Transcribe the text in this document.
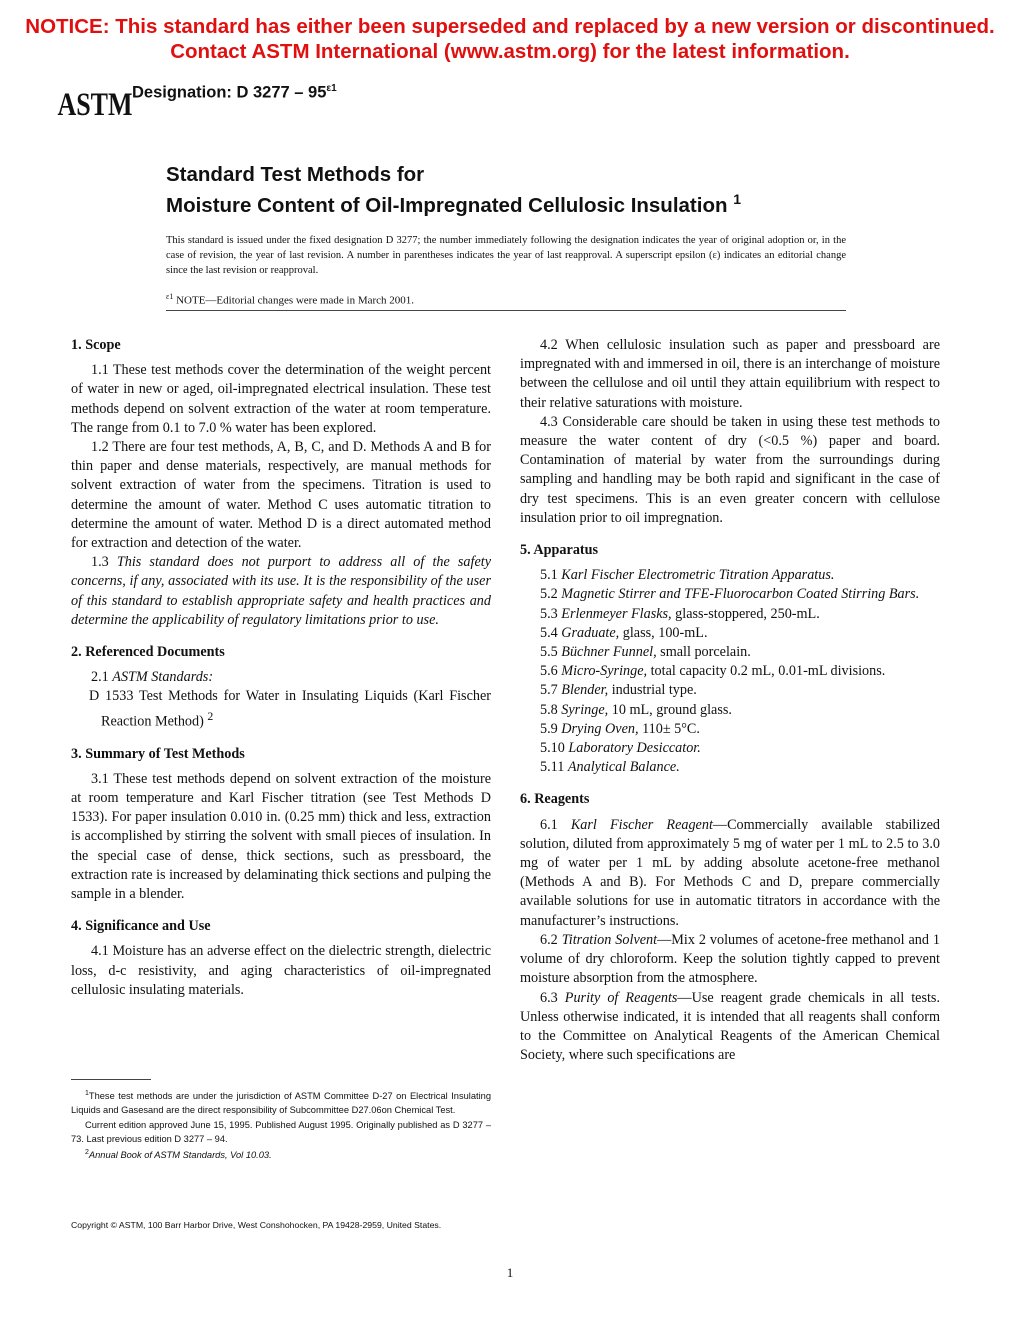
NOTICE: This standard has either been superseded and replaced by a new version or discontinued.
Contact ASTM International (www.astm.org) for the latest information.
ASTM Designation: D $3277 - 95^{\varepsilon 1}$
Standard Test Methods for
Moisture Content of Oil-Impregnated Cellulosic Insulation $^1$
This standard is issued under the fixed designation D 3277; the number immediately following the designation indicates the year of original adoption or, in the case of revision, the year of last revision. A number in parentheses indicates the year of last reapproval. A superscript epsilon (ε) indicates an editorial change since the last revision or reapproval.
$^{\varepsilon 1}$ NOTE—Editorial changes were made in March 2001.
1. Scope

1.1 These test methods cover the determination of the weight percent of water in new or aged, oil-impregnated electrical insulation. These test methods depend on solvent extraction of the water at room temperature. The range from 0.1 to 7.0 % water has been explored.

1.2 There are four test methods, A, B, C, and D. Methods A and B for thin paper and dense materials, respectively, are manual methods for solvent extraction of water from the specimens. Titration is used to determine the amount of water. Method C uses automatic titration to determine the amount of water. Method D is a direct automated method for extraction and detection of the water.

1.3 This standard does not purport to address all of the safety concerns, if any, associated with its use. It is the responsibility of the user of this standard to establish appropriate safety and health practices and determine the applicability of regulatory limitations prior to use.

2. Referenced Documents

2.1 ASTM Standards:

D 1533 Test Methods for Water in Insulating Liquids (Karl Fischer Reaction Method) $^2$

3. Summary of Test Methods

3.1 These test methods depend on solvent extraction of the moisture at room temperature and Karl Fischer titration (see Test Methods D 1533). For paper insulation 0.010 in. (0.25 mm) thick and less, extraction is accomplished by stirring the solvent with small pieces of insulation. In the special case of dense, thick sections, such as pressboard, the extraction rate is increased by delaminating thick sections and pulping the sample in a blender.

4. Significance and Use

4.1 Moisture has an adverse effect on the dielectric strength, dielectric loss, d-c resistivity, and aging characteristics of oil-impregnated cellulosic insulating materials.

4.2 When cellulosic insulation such as paper and pressboard are impregnated with and immersed in oil, there is an interchange of moisture between the cellulose and oil until they attain equilibrium with respect to their relative saturations with moisture.

4.3 Considerable care should be taken in using these test methods to measure the water content of dry (<0.5 %) paper and board. Contamination of material by water from the surroundings during sampling and handling may be both rapid and significant in the case of dry test specimens. This is an even greater concern with cellulose insulation prior to oil impregnation.

5. Apparatus

5.1 Karl Fischer Electrometric Titration Apparatus.

5.2 Magnetic Stirrer and TFE-Fluorocarbon Coated Stirring Bars.

5.3 Erlenmeyer Flasks, glass-stoppered, 250-mL.

5.4 Graduate, glass, 100-mL.

5.5 Büchner Funnel, small porcelain.

5.6 Micro-Syringe, total capacity 0.2 mL, 0.01-mL divisions.

5.7 Blender, industrial type.

5.8 Syringe, 10 mL, ground glass.

5.9 Drying Oven, 110± 5°C.

5.10 Laboratory Desiccator.

5.11 Analytical Balance.

6. Reagents

6.1 Karl Fischer Reagent—Commercially available stabilized solution, diluted from approximately 5 mg of water per 1 mL to 2.5 to 3.0 mg of water per 1 mL by adding absolute acetone-free methanol (Methods A and B). For Methods C and D, prepare commercially available solutions for use in automatic titrators in accordance with the manufacturer’s instructions.

6.2 Titration Solvent—Mix 2 volumes of acetone-free methanol and 1 volume of dry chloroform. Keep the solution tightly capped to prevent moisture absorption from the atmosphere.

6.3 Purity of Reagents—Use reagent grade chemicals in all tests. Unless otherwise indicated, it is intended that all reagents shall conform to the Committee on Analytical Reagents of the American Chemical Society, where such specifications are

$^1$These test methods are under the jurisdiction of ASTM Committee D-27 on Electrical Insulating Liquids and Gasesand are the direct responsibility of Subcommittee D27.06on Chemical Test.

Current edition approved June 15, 1995. Published August 1995. Originally published as D 3277 – 73. Last previous edition D 3277 – 94.

$^2$Annual Book of ASTM Standards, Vol 10.03.

Copyright © ASTM, 100 Barr Harbor Drive, West Conshohocken, PA 19428-2959, United States.
1
